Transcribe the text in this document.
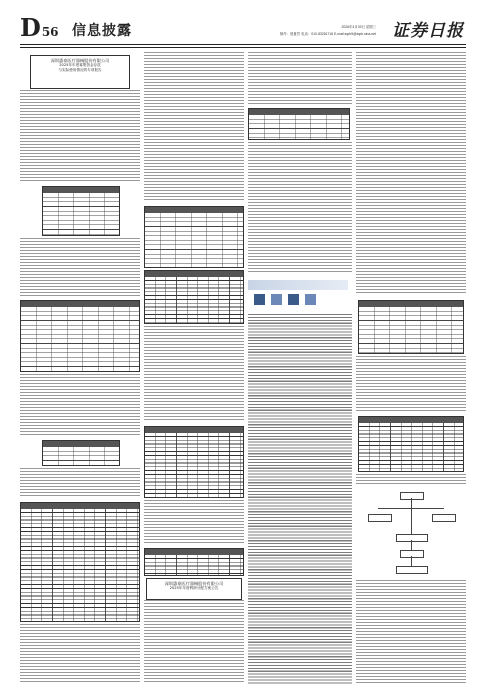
D56 信息披露	2026年3月03日 星期三
制作：晨夏哲 电话：010-83251716 E-mail:zqrb9@zqrb.sina.net 证券日报
深圳惠泰医疗器械股份有限公司
2025年年度募集资金存放
与实际使用情况的专项报告
深圳惠泰医疗器械股份有限公司
2025年年度利润分配方案公告
